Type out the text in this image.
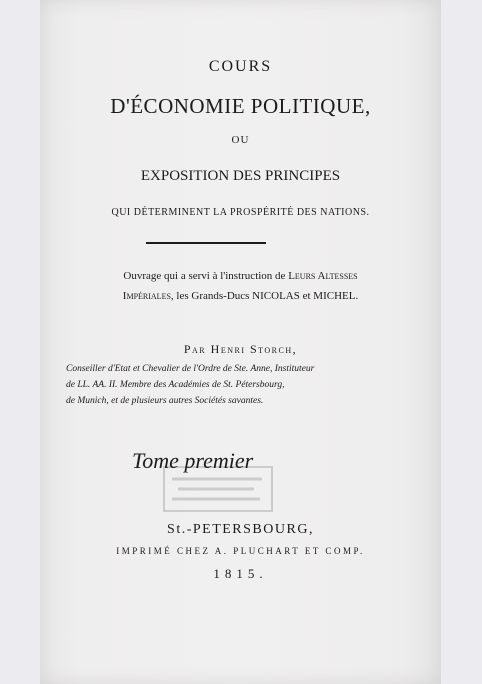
COURS
D'ÉCONOMIE POLITIQUE,
OU
EXPOSITION DES PRINCIPES
QUI DÉTERMINENT LA PROSPÉRITÉ DES NATIONS.
Ouvrage qui a servi à l'instruction de Leurs Altesses
Impériales, les Grands-Ducs NICOLAS et MICHEL.
Par Henri Storch,
Conseiller d'Etat et Chevalier de l'Ordre de Ste. Anne, Instituteur
de LL. AA. II. Membre des Académies de St. Pétersbourg,
de Munich, et de plusieurs autres Sociétés savantes.
Tome premier
St.-PETERSBOURG,
IMPRIMÉ CHEZ A. PLUCHART ET COMP.
1815.
